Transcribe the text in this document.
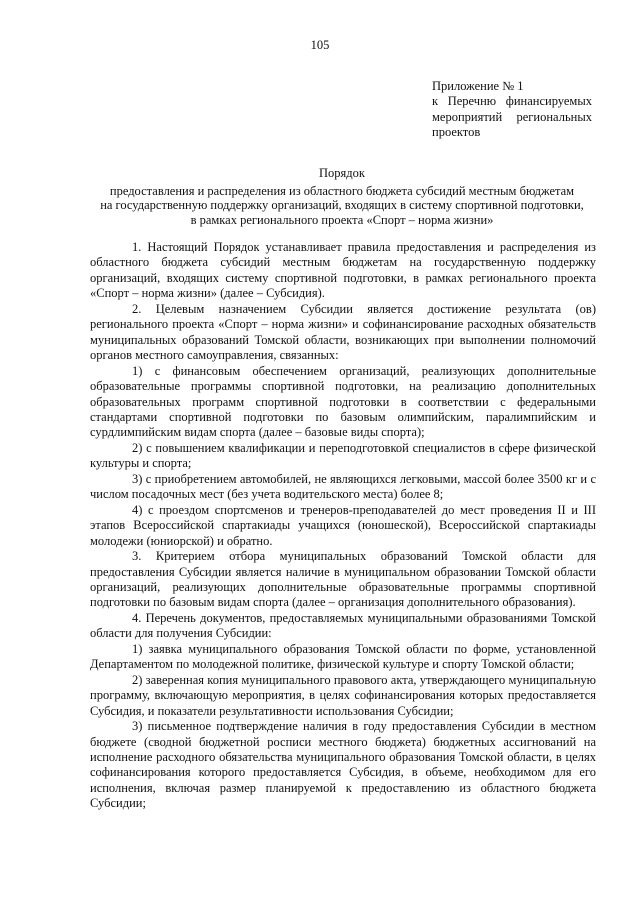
105
Приложение № 1
к Перечню финансируемых мероприятий региональных проектов
Порядок
предоставления и распределения из областного бюджета субсидий местным бюджетам
на государственную поддержку организаций, входящих в систему спортивной подготовки,
в рамках регионального проекта «Спорт – норма жизни»

1. Настоящий Порядок устанавливает правила предоставления и распределения из областного бюджета субсидий местным бюджетам на государственную поддержку организаций, входящих систему спортивной подготовки, в рамках регионального проекта «Спорт – норма жизни» (далее – Субсидия).

2. Целевым назначением Субсидии является достижение результата (ов) регионального проекта «Спорт – норма жизни» и софинансирование расходных обязательств муниципальных образований Томской области, возникающих при выполнении полномочий органов местного самоуправления, связанных:

1) с финансовым обеспечением организаций, реализующих дополнительные образовательные программы спортивной подготовки, на реализацию дополнительных образовательных программ спортивной подготовки в соответствии с федеральными стандартами спортивной подготовки по базовым олимпийским, паралимпийским и сурдлимпийским видам спорта (далее – базовые виды спорта);

2) с повышением квалификации и переподготовкой специалистов в сфере физической культуры и спорта;

3) с приобретением автомобилей, не являющихся легковыми, массой более 3500 кг и с числом посадочных мест (без учета водительского места) более 8;

4) с проездом спортсменов и тренеров-преподавателей до мест проведения II и III этапов Всероссийской спартакиады учащихся (юношеской), Всероссийской спартакиады молодежи (юниорской) и обратно.

3. Критерием отбора муниципальных образований Томской области для предоставления Субсидии является наличие в муниципальном образовании Томской области организаций, реализующих дополнительные образовательные программы спортивной подготовки по базовым видам спорта (далее – организация дополнительного образования).

4. Перечень документов, предоставляемых муниципальными образованиями Томской области для получения Субсидии:

1) заявка муниципального образования Томской области по форме, установленной Департаментом по молодежной политике, физической культуре и спорту Томской области;

2) заверенная копия муниципального правового акта, утверждающего муниципальную программу, включающую мероприятия, в целях софинансирования которых предоставляется Субсидия, и показатели результативности использования Субсидии;

3) письменное подтверждение наличия в году предоставления Субсидии в местном бюджете (сводной бюджетной росписи местного бюджета) бюджетных ассигнований на исполнение расходного обязательства муниципального образования Томской области, в целях софинансирования которого предоставляется Субсидия, в объеме, необходимом для его исполнения, включая размер планируемой к предоставлению из областного бюджета Субсидии;
